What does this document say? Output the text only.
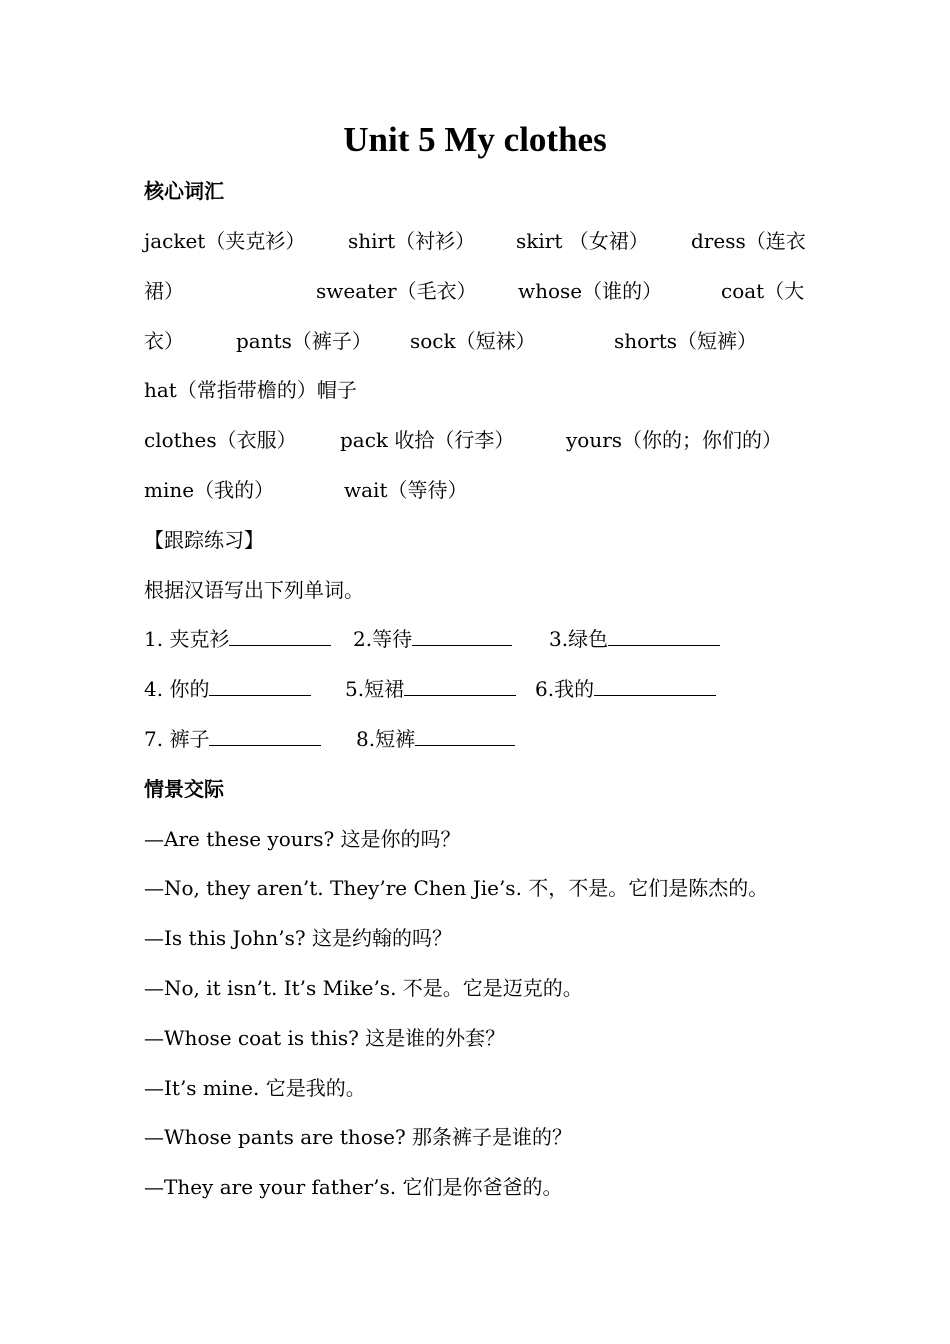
Unit 5 My clothes
核心词汇
jacket（夹克衫） shirt（衬衫） skirt （女裙） dress（连衣
裙）	sweater（毛衣） whose（谁的）	coat（大
衣）	pants（裤子） sock（短袜）	shorts（短裤）
hat（常指带檐的）帽子
clothes（衣服） pack 收拾（行李）	yours（你的；你们的）
mine（我的）	wait（等待）
【跟踪练习】
根据汉语写出下列单词。
1. 夹克衫	2.等待	3.绿色
4. 你的	5.短裙	6.我的
7. 裤子	8.短裤
情景交际
—Are these yours? 这是你的吗？
—No, they aren’t. They’re Chen Jie’s. 不，不是。它们是陈杰的。
—Is this John’s? 这是约翰的吗？
—No, it isn’t. It’s Mike’s. 不是。它是迈克的。
—Whose coat is this? 这是谁的外套？
—It’s mine. 它是我的。
—Whose pants are those? 那条裤子是谁的？
—They are your father’s. 它们是你爸爸的。
